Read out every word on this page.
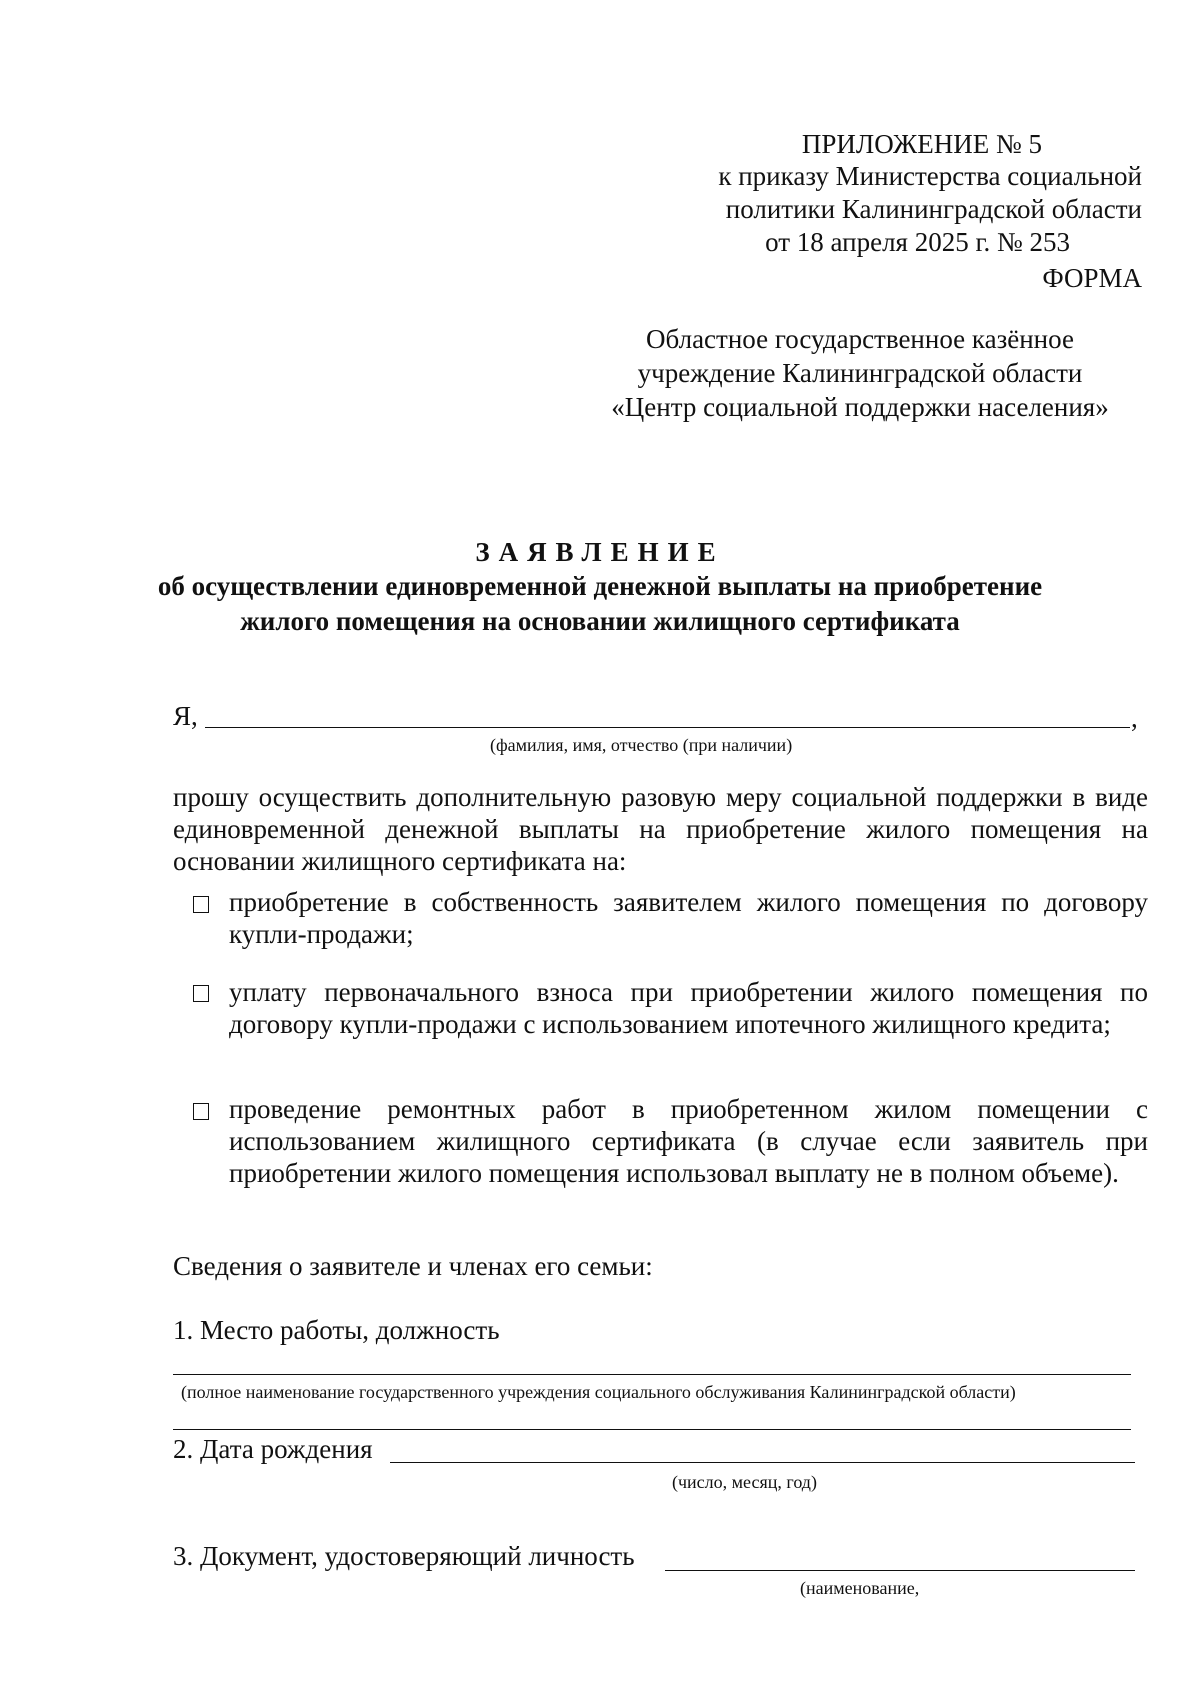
ПРИЛОЖЕНИЕ № 5
к приказу Министерства социальной
политики Калининградской области
от 18 апреля 2025 г. № 253
ФОРМА
Областное государственное казённое
учреждение Калининградской области
«Центр социальной поддержки населения»
ЗАЯВЛЕНИЕ
об осуществлении единовременной денежной выплаты на приобретение
жилого помещения на основании жилищного сертификата
Я,	,
(фамилия, имя, отчество (при наличии)
прошу осуществить дополнительную разовую меру социальной поддержки в виде единовременной денежной выплаты на приобретение жилого помещения на основании жилищного сертификата на:
приобретение в собственность заявителем жилого помещения по договору купли-продажи;
уплату первоначального взноса при приобретении жилого помещения по договору купли-продажи с использованием ипотечного жилищного кредита;
проведение ремонтных работ в приобретенном жилом помещении с использованием жилищного сертификата (в случае если заявитель при приобретении жилого помещения использовал выплату не в полном объеме).
Сведения о заявителе и членах его семьи:
1. Место работы, должность
(полное наименование государственного учреждения социального обслуживания Калининградской области)
2. Дата рождения
(число, месяц, год)
3. Документ, удостоверяющий личность
(наименование,
